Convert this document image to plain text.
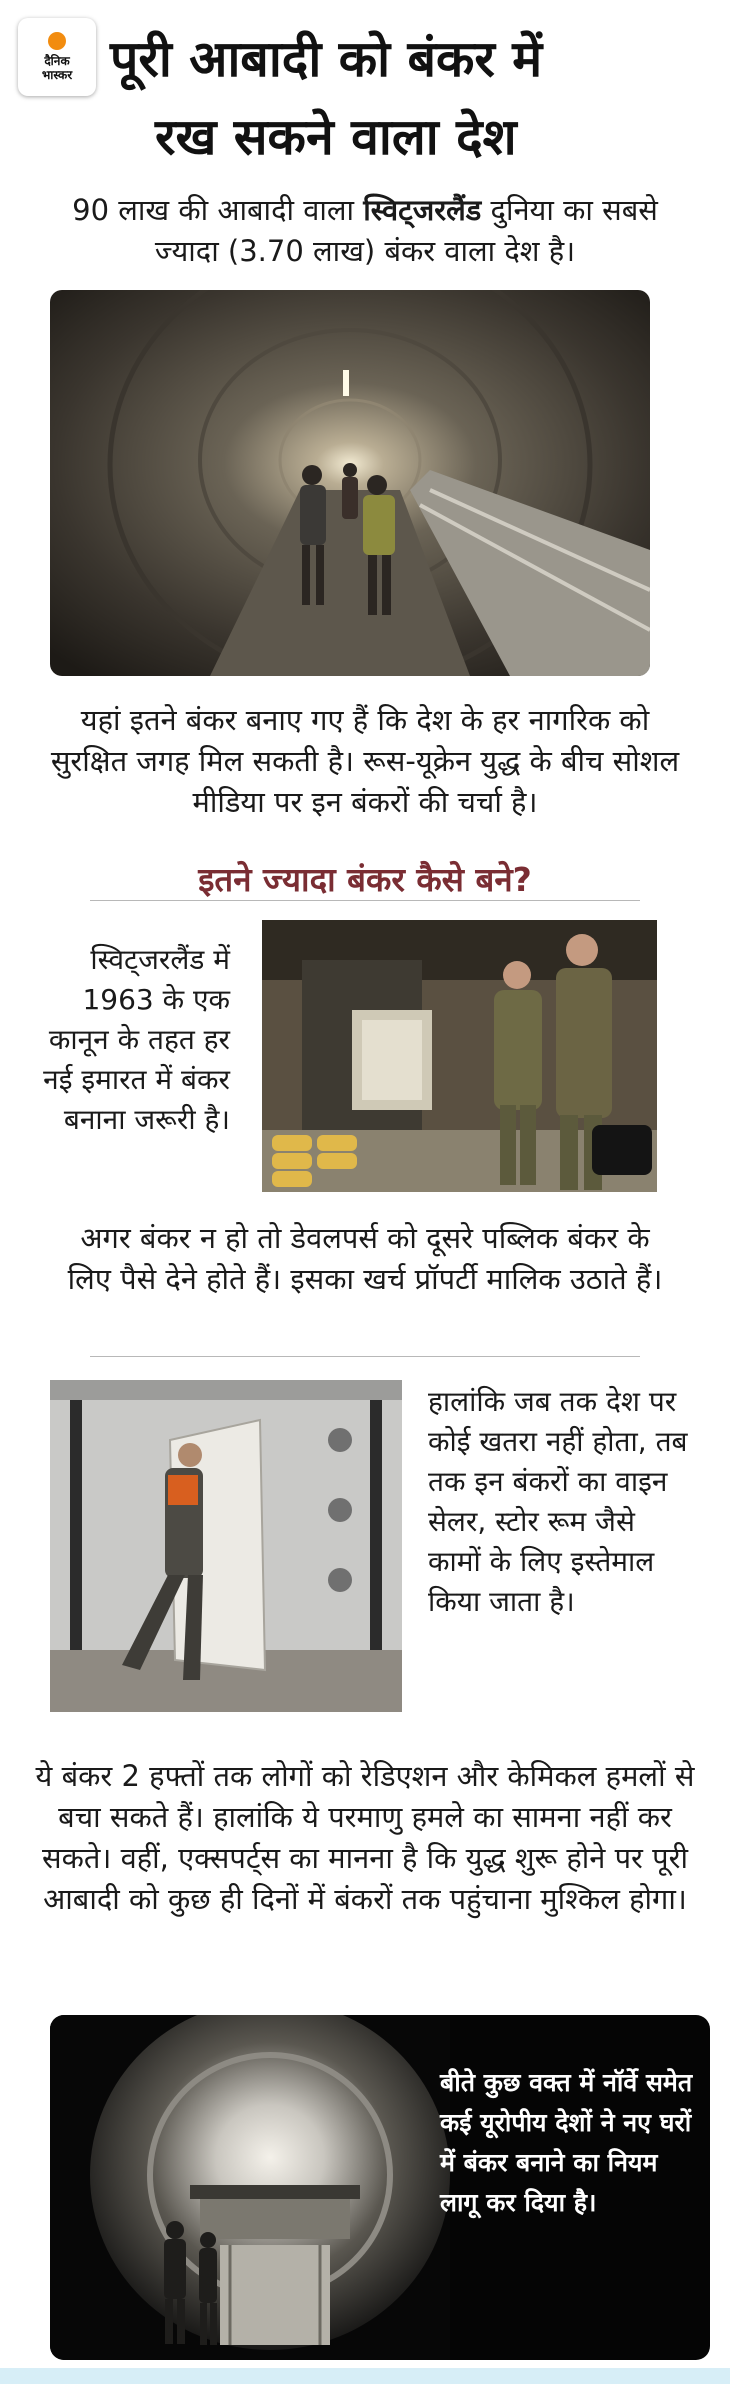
दैनिक
भास्कर पूरी आबादी को बंकर में
रख सकने वाला देश
90 लाख की आबादी वाला स्विट्जरलैंड दुनिया का सबसे ज्यादा (3.70 लाख) बंकर वाला देश है।
यहां इतने बंकर बनाए गए हैं कि देश के हर नागरिक को सुरक्षित जगह मिल सकती है। रूस-यूक्रेन युद्ध के बीच सोशल मीडिया पर इन बंकरों की चर्चा है।
इतने ज्यादा बंकर कैसे बने?
स्विट्जरलैंड में 1963 के एक कानून के तहत हर नई इमारत में बंकर बनाना जरूरी है।
अगर बंकर न हो तो डेवलपर्स को दूसरे पब्लिक बंकर के लिए पैसे देने होते हैं। इसका खर्च प्रॉपर्टी मालिक उठाते हैं।
हालांकि जब तक देश पर कोई खतरा नहीं होता, तब तक इन बंकरों का वाइन सेलर, स्टोर रूम जैसे कामों के लिए इस्तेमाल किया जाता है।
ये बंकर 2 हफ्तों तक लोगों को रेडिएशन और केमिकल हमलों से बचा सकते हैं। हालांकि ये परमाणु हमले का सामना नहीं कर सकते। वहीं, एक्सपर्ट्स का मानना है कि युद्ध शुरू होने पर पूरी आबादी को कुछ ही दिनों में बंकरों तक पहुंचाना मुश्किल होगा।
बीते कुछ वक्त में नॉर्वे समेत कई यूरोपीय देशों ने नए घरों में बंकर बनाने का नियम लागू कर दिया है।
